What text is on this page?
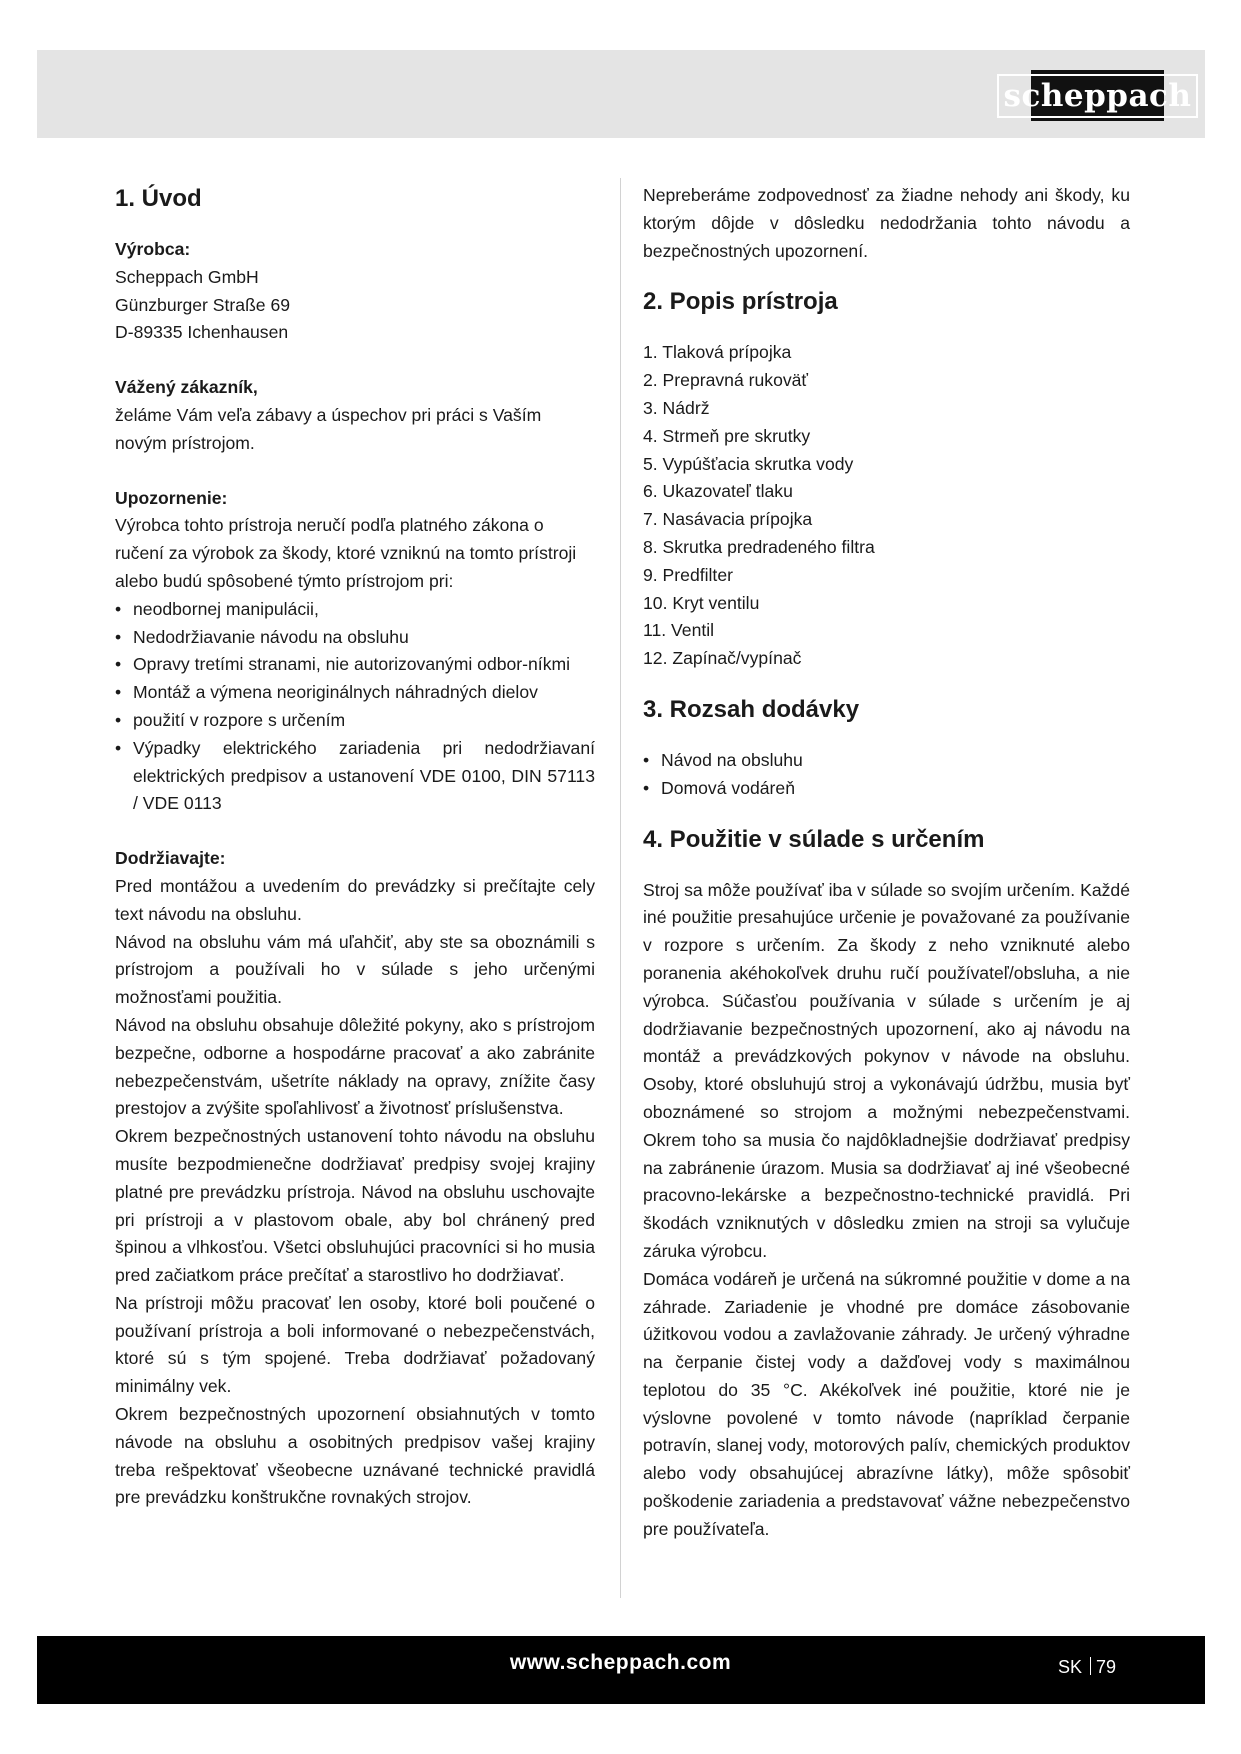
scheppach
1. Úvod

Výrobca:

Scheppach GmbH

Günzburger Straße 69

D-89335 Ichenhausen

Vážený zákazník,

želáme Vám veľa zábavy a úspechov pri práci s Vaším novým prístrojom.

Upozornenie:

Výrobca tohto prístroja neručí podľa platného zákona o ručení za výrobok za škody, ktoré vzniknú na tomto prístroji alebo budú spôsobené týmto prístrojom pri:

• neodbornej manipulácii,
• Nedodržiavanie návodu na obsluhu
• Opravy tretími stranami, nie autorizovanými odbor-níkmi
• Montáž a výmena neoriginálnych náhradných dielov
• použití v rozpore s určením
• Výpadky elektrického zariadenia pri nedodržiavaní elektrických predpisov a ustanovení VDE 0100, DIN 57113 / VDE 0113

Dodržiavajte:

Pred montážou a uvedením do prevádzky si prečítajte cely text návodu na obsluhu.

Návod na obsluhu vám má uľahčiť, aby ste sa oboznámili s prístrojom a používali ho v súlade s jeho určenými možnosťami použitia.

Návod na obsluhu obsahuje dôležité pokyny, ako s prístrojom bezpečne, odborne a hospodárne pracovať a ako zabránite nebezpečenstvám, ušetríte náklady na opravy, znížite časy prestojov a zvýšite spoľahlivosť a životnosť príslušenstva.

Okrem bezpečnostných ustanovení tohto návodu na obsluhu musíte bezpodmienečne dodržiavať predpisy svojej krajiny platné pre prevádzku prístroja. Návod na obsluhu uschovajte pri prístroji a v plastovom obale, aby bol chránený pred špinou a vlhkosťou. Všetci obsluhujúci pracovníci si ho musia pred začiatkom práce prečítať a starostlivo ho dodržiavať.

Na prístroji môžu pracovať len osoby, ktoré boli poučené o používaní prístroja a boli informované o nebezpečenstvách, ktoré sú s tým spojené. Treba dodržiavať požadovaný minimálny vek.

Okrem bezpečnostných upozornení obsiahnutých v tomto návode na obsluhu a osobitných predpisov vašej krajiny treba rešpektovať všeobecne uznávané technické pravidlá pre prevádzku konštrukčne rovnakých strojov.

Nepreberáme zodpovednosť za žiadne nehody ani škody, ku ktorým dôjde v dôsledku nedodržania tohto návodu a bezpečnostných upozornení.

2. Popis prístroja
1. Tlaková prípojka
2. Prepravná rukoväť
3. Nádrž
4. Strmeň pre skrutky
5. Vypúšťacia skrutka vody
6. Ukazovateľ tlaku
7. Nasávacia prípojka
8. Skrutka predradeného filtra
9. Predfilter
10. Kryt ventilu
11. Ventil
12. Zapínač/vypínač
3. Rozsah dodávky
• Návod na obsluhu
• Domová vodáreň
4. Použitie v súlade s určením

Stroj sa môže používať iba v súlade so svojím určením. Každé iné použitie presahujúce určenie je považované za používanie v rozpore s určením. Za škody z neho vzniknuté alebo poranenia akéhokoľvek druhu ručí používateľ/obsluha, a nie výrobca. Súčasťou používania v súlade s určením je aj dodržiavanie bezpečnostných upozornení, ako aj návodu na montáž a prevádzkových pokynov v návode na obsluhu. Osoby, ktoré obsluhujú stroj a vykonávajú údržbu, musia byť oboznámené so strojom a možnými nebezpečenstvami. Okrem toho sa musia čo najdôkladnejšie dodržiavať predpisy na zabránenie úrazom. Musia sa dodržiavať aj iné všeobecné pracovno-lekárske a bezpečnostno-technické pravidlá. Pri škodách vzniknutých v dôsledku zmien na stroji sa vylučuje záruka výrobcu.

Domáca vodáreň je určená na súkromné použitie v dome a na záhrade. Zariadenie je vhodné pre domáce zásobovanie úžitkovou vodou a zavlažovanie záhrady. Je určený výhradne na čerpanie čistej vody a dažďovej vody s maximálnou teplotou do 35 °C. Akékoľvek iné použitie, ktoré nie je výslovne povolené v tomto návode (napríklad čerpanie potravín, slanej vody, motorových palív, chemických produktov alebo vody obsahujúcej abrazívne látky), môže spôsobiť poškodenie zariadenia a predstavovať vážne nebezpečenstvo pre používateľa.

www.scheppach.com	SK 79
